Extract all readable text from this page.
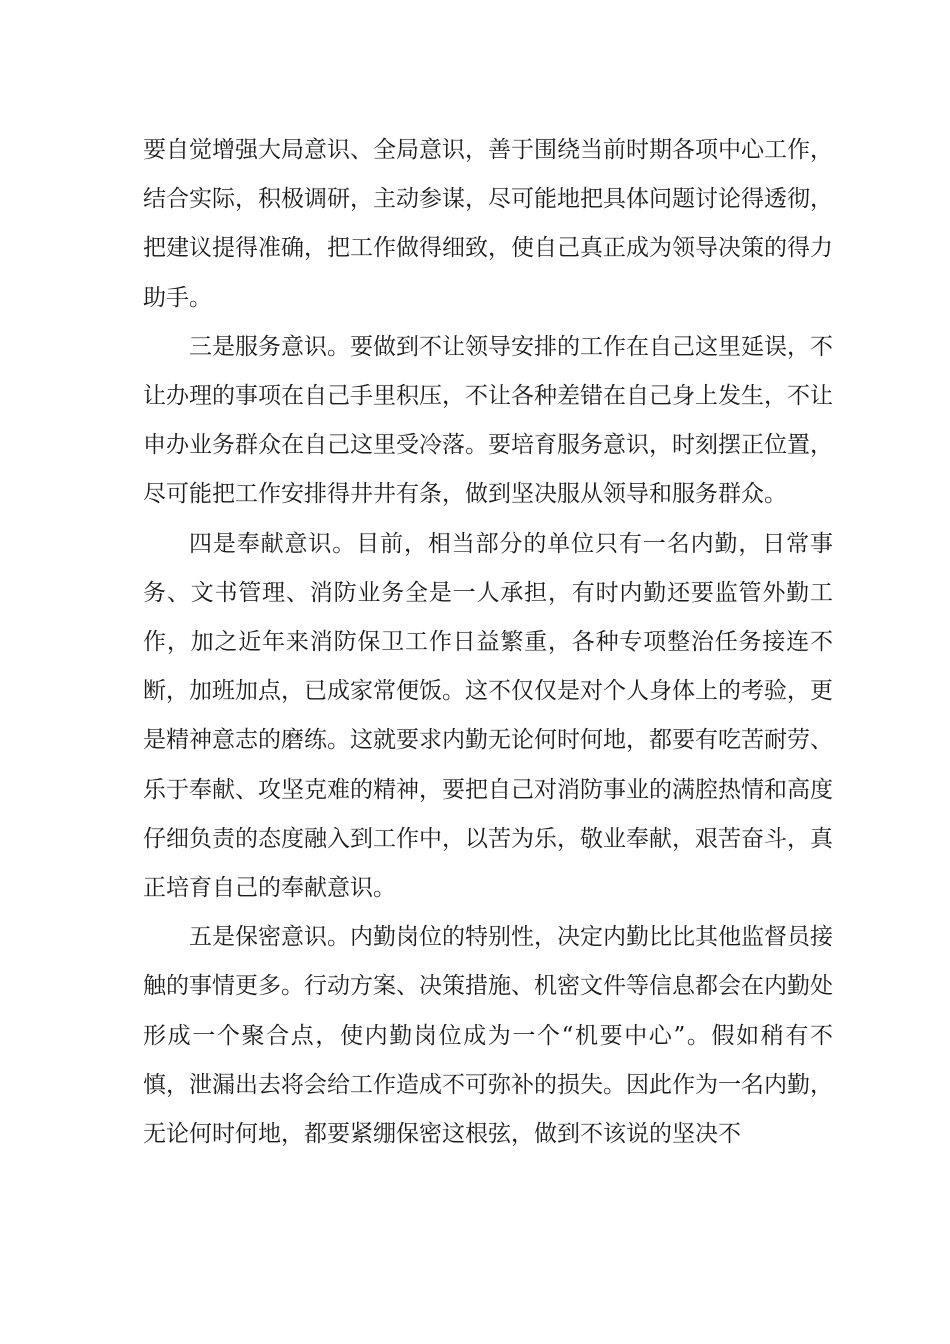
要自觉增强大局意识、全局意识，善于围绕当前时期各项中心工作，结合实际，积极调研，主动参谋，尽可能地把具体问题讨论得透彻，把建议提得准确，把工作做得细致，使自己真正成为领导决策的得力助手。

三是服务意识。要做到不让领导安排的工作在自己这里延误，不让办理的事项在自己手里积压，不让各种差错在自己身上发生，不让申办业务群众在自己这里受冷落。要培育服务意识，时刻摆正位置，尽可能把工作安排得井井有条，做到坚决服从领导和服务群众。

四是奉献意识。目前，相当部分的单位只有一名内勤，日常事务、文书管理、消防业务全是一人承担，有时内勤还要监管外勤工作，加之近年来消防保卫工作日益繁重，各种专项整治任务接连不断，加班加点，已成家常便饭。这不仅仅是对个人身体上的考验，更是精神意志的磨练。这就要求内勤无论何时何地，都要有吃苦耐劳、乐于奉献、攻坚克难的精神，要把自己对消防事业的满腔热情和高度仔细负责的态度融入到工作中，以苦为乐，敬业奉献，艰苦奋斗，真正培育自己的奉献意识。

五是保密意识。内勤岗位的特别性，决定内勤比比其他监督员接触的事情更多。行动方案、决策措施、机密文件等信息都会在内勤处形成一个聚合点，使内勤岗位成为一个“机要中心”。假如稍有不慎，泄漏出去将会给工作造成不可弥补的损失。因此作为一名内勤，无论何时何地，都要紧绷保密这根弦，做到不该说的坚决不
